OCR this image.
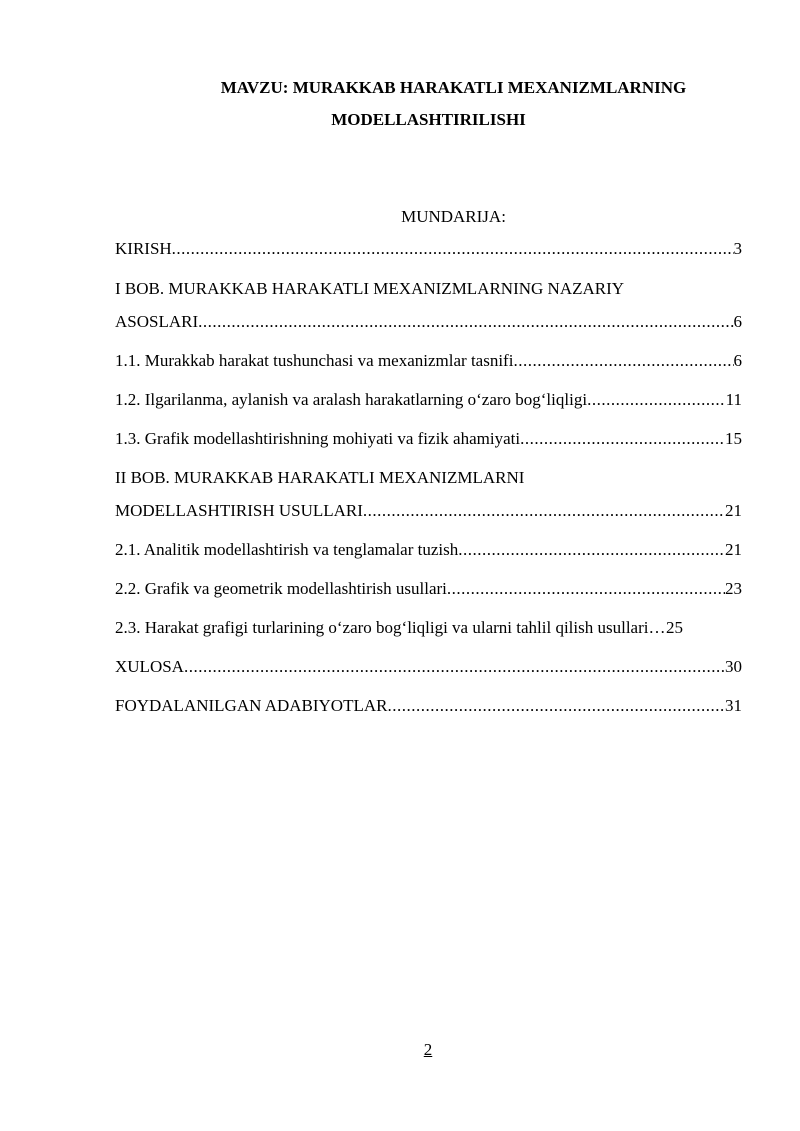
MAVZU: MURAKKAB HARAKATLI MEXANIZMLARNING

MODELLASHTIRILISHI

MUNDARIJA:

KIRISH .....	3
I BOB. MURAKKAB HARAKATLI MEXANIZMLARNING NAZARIY
ASOSLARI .....	6
1.1. Murakkab harakat tushunchasi va mexanizmlar tasnifi .....	6
1.2. Ilgarilanma, aylanish va aralash harakatlarning o‘zaro bog‘liqligi .....	11
1.3. Grafik modellashtirishning mohiyati va fizik ahamiyati .....	15
II BOB. MURAKKAB HARAKATLI MEXANIZMLARNI
MODELLASHTIRISH USULLARI .....	21
2.1. Analitik modellashtirish va tenglamalar tuzish .....	21
2.2. Grafik va geometrik modellashtirish usullari .....	23
2.3. Harakat grafigi turlarining o‘zaro bog‘liqligi va ularni tahlil qilish usullari … 25
XULOSA .....	30
FOYDALANILGAN ADABIYOTLAR .....	31
2
